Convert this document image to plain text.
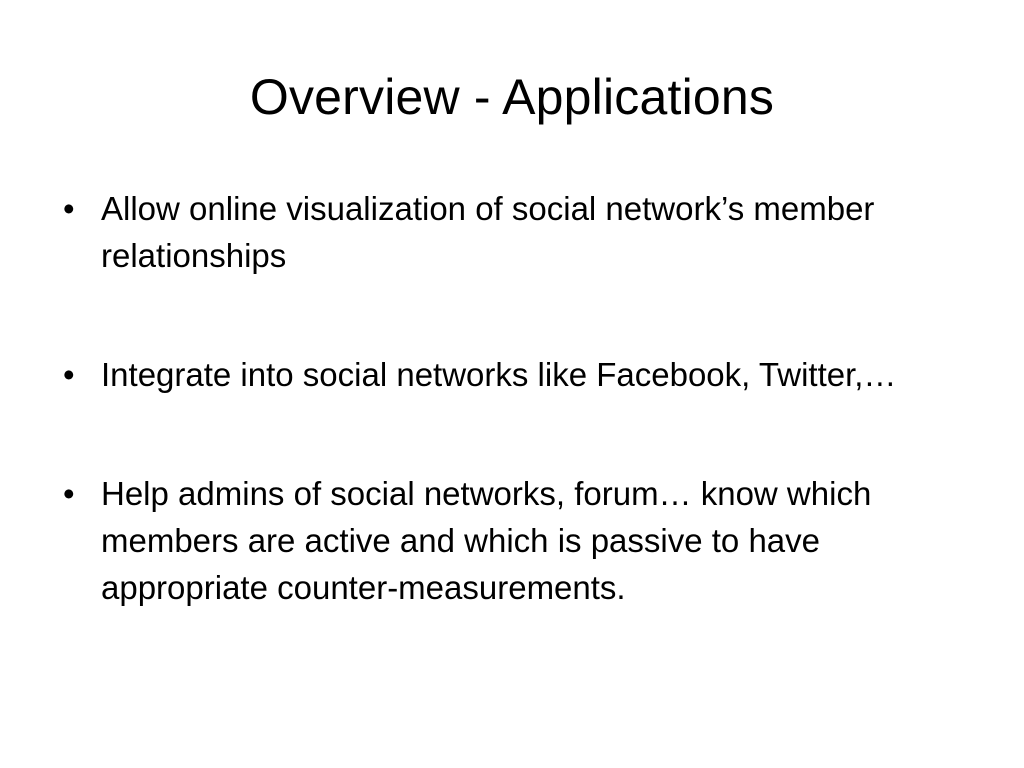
Overview - Applications
• Allow online visualization of social network’s member relationships
• Integrate into social networks like Facebook, Twitter,…
• Help admins of social networks, forum… know which members are active and which is passive to have appropriate counter-measurements.
